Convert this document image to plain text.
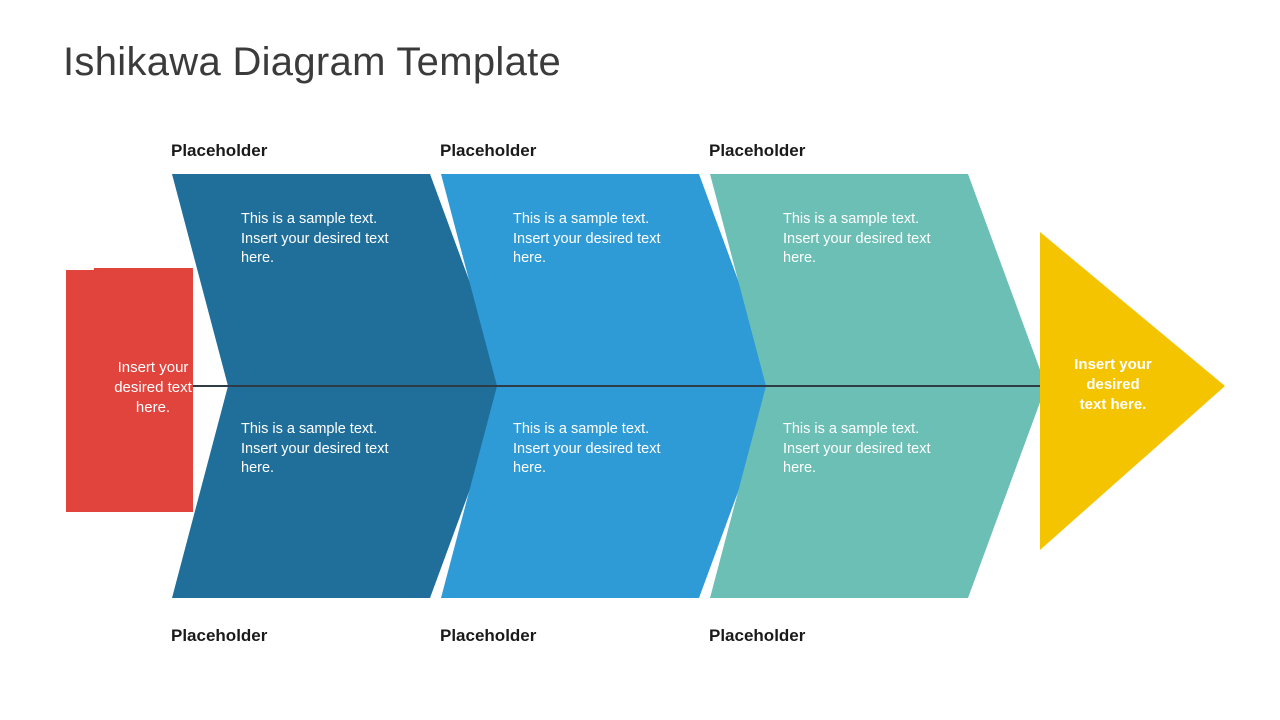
Ishikawa Diagram Template
Insert your
desired text
here.
Placeholder	Placeholder	Placeholder
Placeholder	Placeholder	Placeholder
This is a sample text. Insert your desired text here.
This is a sample text. Insert your desired text here.
This is a sample text. Insert your desired text here.
This is a sample text. Insert your desired text here.
This is a sample text. Insert your desired text here.
This is a sample text. Insert your desired text here.
Insert your
desired
text here.
